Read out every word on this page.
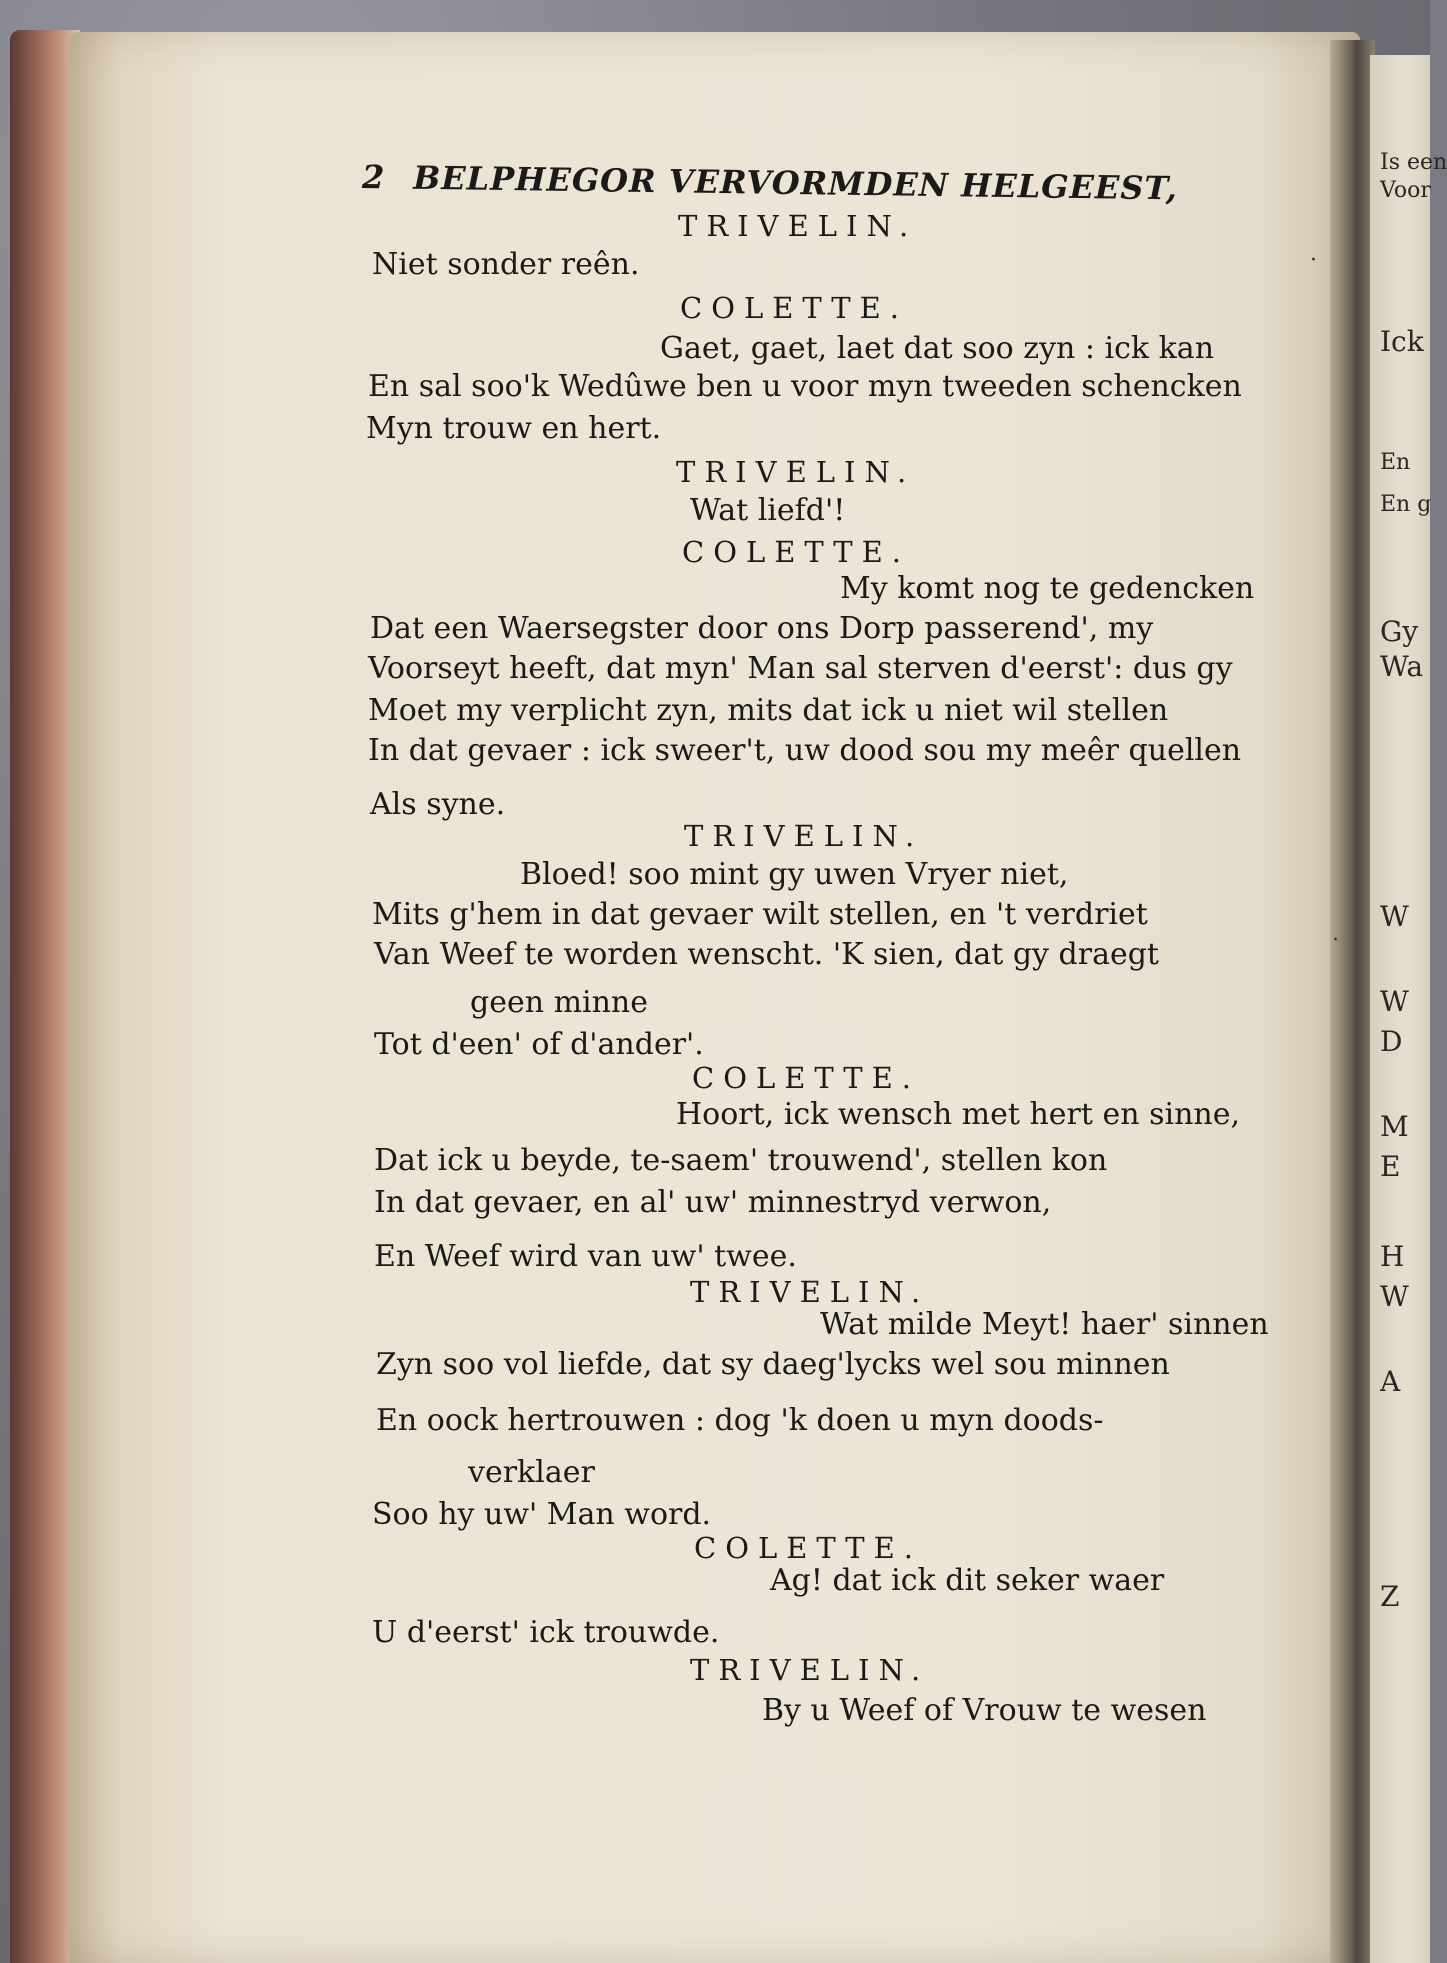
Is een
Voor
Ick
En
En g
Gy
Wa
W
W
D
M
E
H
W
A
Z
2 BELPHEGOR VERVORMDEN HELGEEST,
TRIVELIN.
Niet sonder reên.
COLETTE.
Gaet, gaet, laet dat soo zyn : ick kan
En sal soo'k Wedûwe ben u voor myn tweeden schencken
Myn trouw en hert.
TRIVELIN.
Wat liefd'!
COLETTE.
My komt nog te gedencken
Dat een Waersegster door ons Dorp passerend', my
Voorseyt heeft, dat myn' Man sal sterven d'eerst': dus gy
Moet my verplicht zyn, mits dat ick u niet wil stellen
In dat gevaer : ick sweer't, uw dood sou my meêr quellen
Als syne.
TRIVELIN.
Bloed! soo mint gy uwen Vryer niet,
Mits g'hem in dat gevaer wilt stellen, en 't verdriet
Van Weef te worden wenscht. 'K sien, dat gy draegt
geen minne
Tot d'een' of d'ander'.
COLETTE.
Hoort, ick wensch met hert en sinne,
Dat ick u beyde, te-saem' trouwend', stellen kon
In dat gevaer, en al' uw' minnestryd verwon,
En Weef wird van uw' twee.
TRIVELIN.
Wat milde Meyt! haer' sinnen
Zyn soo vol liefde, dat sy daeg'lycks wel sou minnen
En oock hertrouwen : dog 'k doen u myn doods-
verklaer
Soo hy uw' Man word.
COLETTE.
Ag! dat ick dit seker waer
U d'eerst' ick trouwde.
TRIVELIN.
By u Weef of Vrouw te wesen
·
·
